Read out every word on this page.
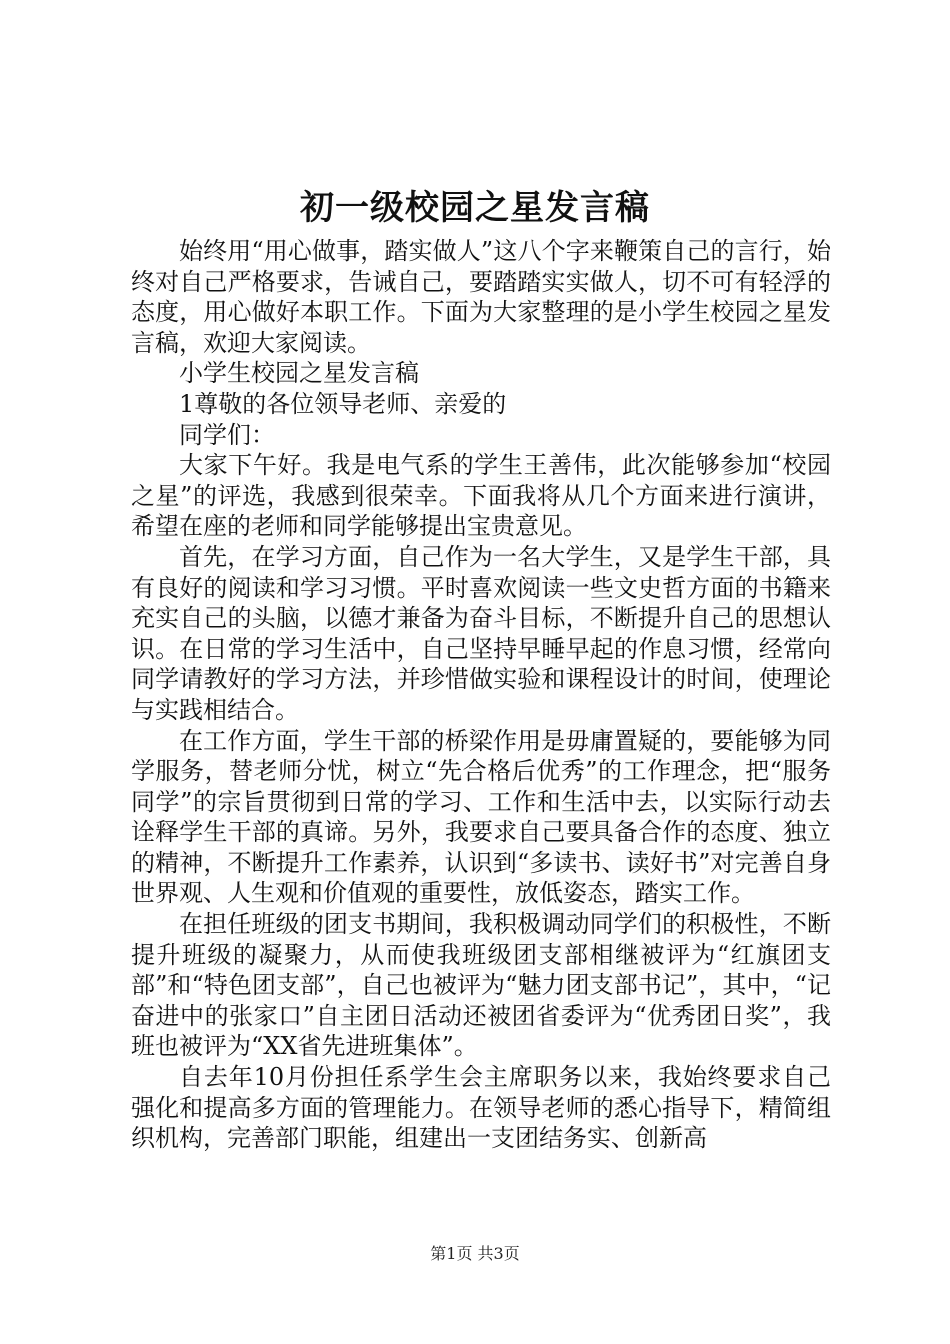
初一级校园之星发言稿

始终用“用心做事，踏实做人”这八个字来鞭策自己的言行，始终对自己严格要求，告诫自己，要踏踏实实做人，切不可有轻浮的态度，用心做好本职工作。下面为大家整理的是小学生校园之星发言稿，欢迎大家阅读。

小学生校园之星发言稿

1尊敬的各位领导老师、亲爱的

同学们：

大家下午好。我是电气系的学生王善伟，此次能够参加“校园之星”的评选，我感到很荣幸。下面我将从几个方面来进行演讲，希望在座的老师和同学能够提出宝贵意见。

首先，在学习方面，自己作为一名大学生，又是学生干部，具有良好的阅读和学习习惯。平时喜欢阅读一些文史哲方面的书籍来充实自己的头脑，以德才兼备为奋斗目标，不断提升自己的思想认识。在日常的学习生活中，自己坚持早睡早起的作息习惯，经常向同学请教好的学习方法，并珍惜做实验和课程设计的时间，使理论与实践相结合。

在工作方面，学生干部的桥梁作用是毋庸置疑的，要能够为同学服务，替老师分忧，树立“先合格后优秀”的工作理念，把“服务同学”的宗旨贯彻到日常的学习、工作和生活中去，以实际行动去诠释学生干部的真谛。另外，我要求自己要具备合作的态度、独立的精神，不断提升工作素养，认识到“多读书、读好书”对完善自身世界观、人生观和价值观的重要性，放低姿态，踏实工作。

在担任班级的团支书期间，我积极调动同学们的积极性，不断提升班级的凝聚力，从而使我班级团支部相继被评为“红旗团支部”和“特色团支部”，自己也被评为“魅力团支部书记”，其中，“记奋进中的张家口”自主团日活动还被团省委评为“优秀团日奖”，我班也被评为“XX省先进班集体”。

自去年10月份担任系学生会主席职务以来，我始终要求自己强化和提高多方面的管理能力。在领导老师的悉心指导下，精简组织机构，完善部门职能，组建出一支团结务实、创新高

第1页 共3页
